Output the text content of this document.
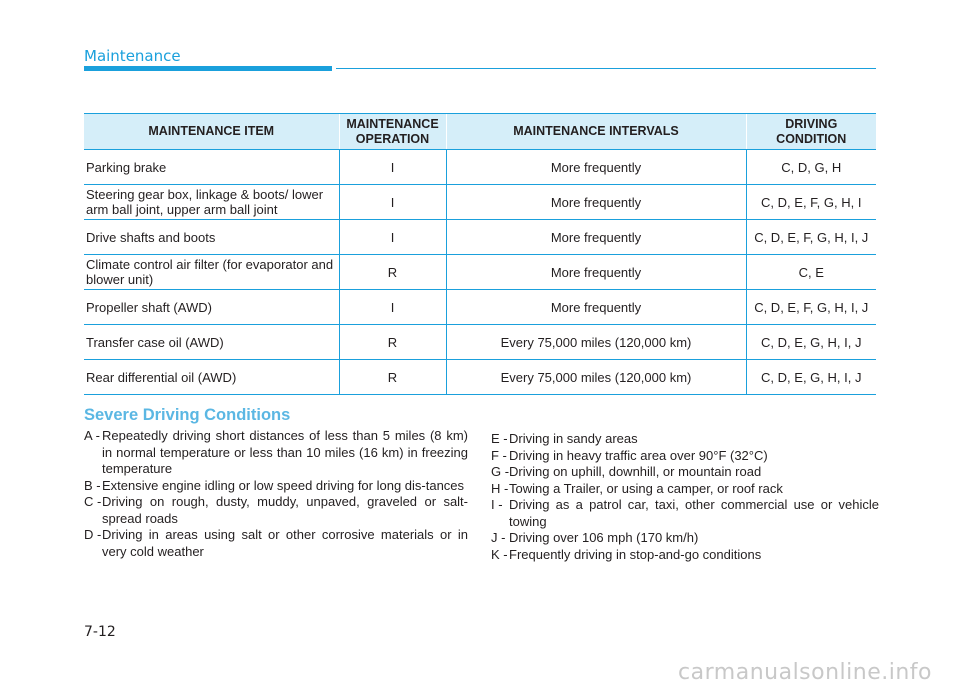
Maintenance
MAINTENANCE ITEM	MAINTENANCE OPERATION	MAINTENANCE INTERVALS	DRIVING CONDITION
Parking brake	I	More frequently	C, D, G, H
Steering gear box, linkage & boots/ lower arm ball joint, upper arm ball joint	I	More frequently	C, D, E, F, G, H, I
Drive shafts and boots	I	More frequently	C, D, E, F, G, H, I, J
Climate control air filter (for evaporator and blower unit)	R	More frequently	C, E
Propeller shaft (AWD)	I	More frequently	C, D, E, F, G, H, I, J
Transfer case oil (AWD)	R	Every 75,000 miles (120,000 km)	C, D, E, G, H, I, J
Rear differential oil (AWD)	R	Every 75,000 miles (120,000 km)	C, D, E, G, H, I, J
Severe Driving Conditions
A - Repeatedly driving short distances of less than 5 miles (8 km) in normal temperature or less than 10 miles (16 km) in freezing temperature
B - Extensive engine idling or low speed driving for long dis-tances
C - Driving on rough, dusty, muddy, unpaved, graveled or salt-spread roads
D - Driving in areas using salt or other corrosive materials or in very cold weather
E - Driving in sandy areas
F - Driving in heavy traffic area over 90°F (32°C)
G - Driving on uphill, downhill, or mountain road
H - Towing a Trailer, or using a camper, or roof rack
I - Driving as a patrol car, taxi, other commercial use or vehicle towing
J - Driving over 106 mph (170 km/h)
K - Frequently driving in stop-and-go conditions
7-12
carmanualsonline.info
